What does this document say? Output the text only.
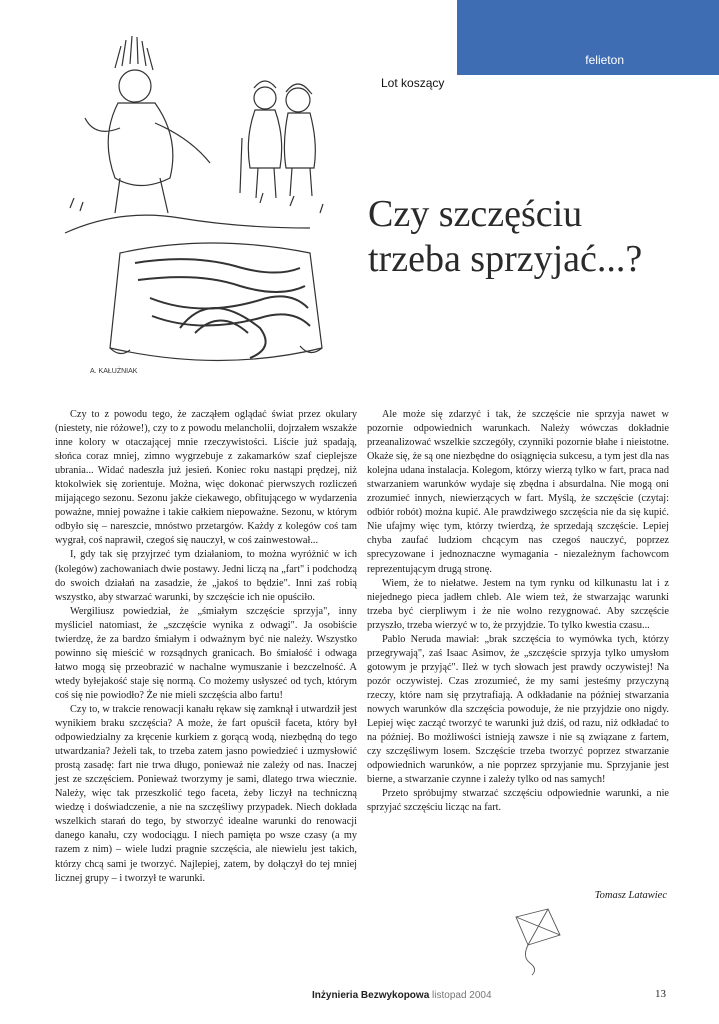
felieton
Lot koszący
A. KAŁUŻNIAK
Czy szczęściu
trzeba sprzyjać...?

Czy to z powodu tego, że zacząłem oglądać świat przez okulary (niestety, nie różowe!), czy to z powodu melancholii, dojrzałem wszakże inne kolory w otaczającej mnie rzeczywistości. Liście już spadają, słońca coraz mniej, zimno wygrzebuje z zakamarków szaf cieplejsze ubrania... Widać nadeszła już jesień. Koniec roku nastąpi prędzej, niż ktokolwiek się zorientuje. Można, więc dokonać pierwszych rozliczeń mijającego sezonu. Sezonu jakże ciekawego, obfitującego w wydarzenia poważne, mniej poważne i takie całkiem niepoważne. Sezonu, w którym odbyło się – nareszcie, mnóstwo przetargów. Każdy z kolegów coś tam wygrał, coś naprawił, czegoś się nauczył, w coś zainwestował...

I, gdy tak się przyjrzeć tym działaniom, to można wyróżnić w ich (kolegów) zachowaniach dwie postawy. Jedni liczą na „fart" i podchodzą do swoich działań na zasadzie, że „jakoś to będzie". Inni zaś robią wszystko, aby stwarzać warunki, by szczęście ich nie opuściło.

Wergiliusz powiedział, że „śmiałym szczęście sprzyja", inny myśliciel natomiast, że „szczęście wynika z odwagi". Ja osobiście twierdzę, że za bardzo śmiałym i odważnym być nie należy. Wszystko powinno się mieścić w rozsądnych granicach. Bo śmiałość i odwaga łatwo mogą się przeobrazić w nachalne wymuszanie i bezczelność. A wtedy byłejakość staje się normą. Co możemy usłyszeć od tych, którym coś się nie powiodło? Że nie mieli szczęścia albo fartu!

Czy to, w trakcie renowacji kanału rękaw się zamknął i utwardził jest wynikiem braku szczęścia? A może, że fart opuścił faceta, który był odpowiedzialny za kręcenie kurkiem z gorącą wodą, niezbędną do tego utwardzania? Jeżeli tak, to trzeba zatem jasno powiedzieć i uzmysłowić prostą zasadę: fart nie trwa długo, ponieważ nie zależy od nas. Inaczej jest ze szczęściem. Ponieważ tworzymy je sami, dlatego trwa wiecznie. Należy, więc tak przeszkolić tego faceta, żeby liczył na techniczną wiedzę i doświadczenie, a nie na szczęśliwy przypadek. Niech dokłada wszelkich starań do tego, by stworzyć idealne warunki do renowacji danego kanału, czy wodociągu. I niech pamięta po wsze czasy (a my razem z nim) – wiele ludzi pragnie szczęścia, ale niewielu jest takich, którzy chcą sami je tworzyć. Najlepiej, zatem, by dołączył do tej mniej licznej grupy – i tworzył te warunki.

Ale może się zdarzyć i tak, że szczęście nie sprzyja nawet w pozornie odpowiednich warunkach. Należy wówczas dokładnie przeanalizować wszelkie szczegóły, czynniki pozornie błahe i nieistotne. Okaże się, że są one niezbędne do osiągnięcia sukcesu, a tym jest dla nas kolejna udana instalacja. Kolegom, którzy wierzą tylko w fart, praca nad stwarzaniem warunków wydaje się zbędna i absurdalna. Nie mogą oni zrozumieć innych, niewierzących w fart. Myślą, że szczęście (czytaj: odbiór robót) można kupić. Ale prawdziwego szczęścia nie da się kupić. Nie ufajmy więc tym, którzy twierdzą, że sprzedają szczęście. Lepiej chyba zaufać ludziom chcącym nas czegoś nauczyć, poprzez sprecyzowane i jednoznaczne wymagania - niezależnym fachowcom reprezentującym drugą stronę.

Wiem, że to niełatwe. Jestem na tym rynku od kilkunastu lat i z niejednego pieca jadłem chleb. Ale wiem też, że stwarzając warunki trzeba być cierpliwym i że nie wolno rezygnować. Aby szczęście przyszło, trzeba wierzyć w to, że przyjdzie. To tylko kwestia czasu...

Pablo Neruda mawiał: „brak szczęścia to wymówka tych, którzy przegrywają", zaś Isaac Asimov, że „szczęście sprzyja tylko umysłom gotowym je przyjąć". Ileż w tych słowach jest prawdy oczywistej! Na pozór oczywistej. Czas zrozumieć, że my sami jesteśmy przyczyną rzeczy, które nam się przytrafiają. A odkładanie na później stwarzania nowych warunków dla szczęścia powoduje, że nie przyjdzie ono nigdy. Lepiej więc zacząć tworzyć te warunki już dziś, od razu, niż odkładać to na później. Bo możliwości istnieją zawsze i nie są związane z fartem, czy szczęśliwym losem. Szczęście trzeba tworzyć poprzez stwarzanie odpowiednich warunków, a nie poprzez sprzyjanie mu. Sprzyjanie jest bierne, a stwarzanie czynne i zależy tylko od nas samych!

Przeto spróbujmy stwarzać szczęściu odpowiednie warunki, a nie sprzyjać szczęściu licząc na fart.

Tomasz Latawiec
Inżynieria Bezwykopowa listopad 2004	13
